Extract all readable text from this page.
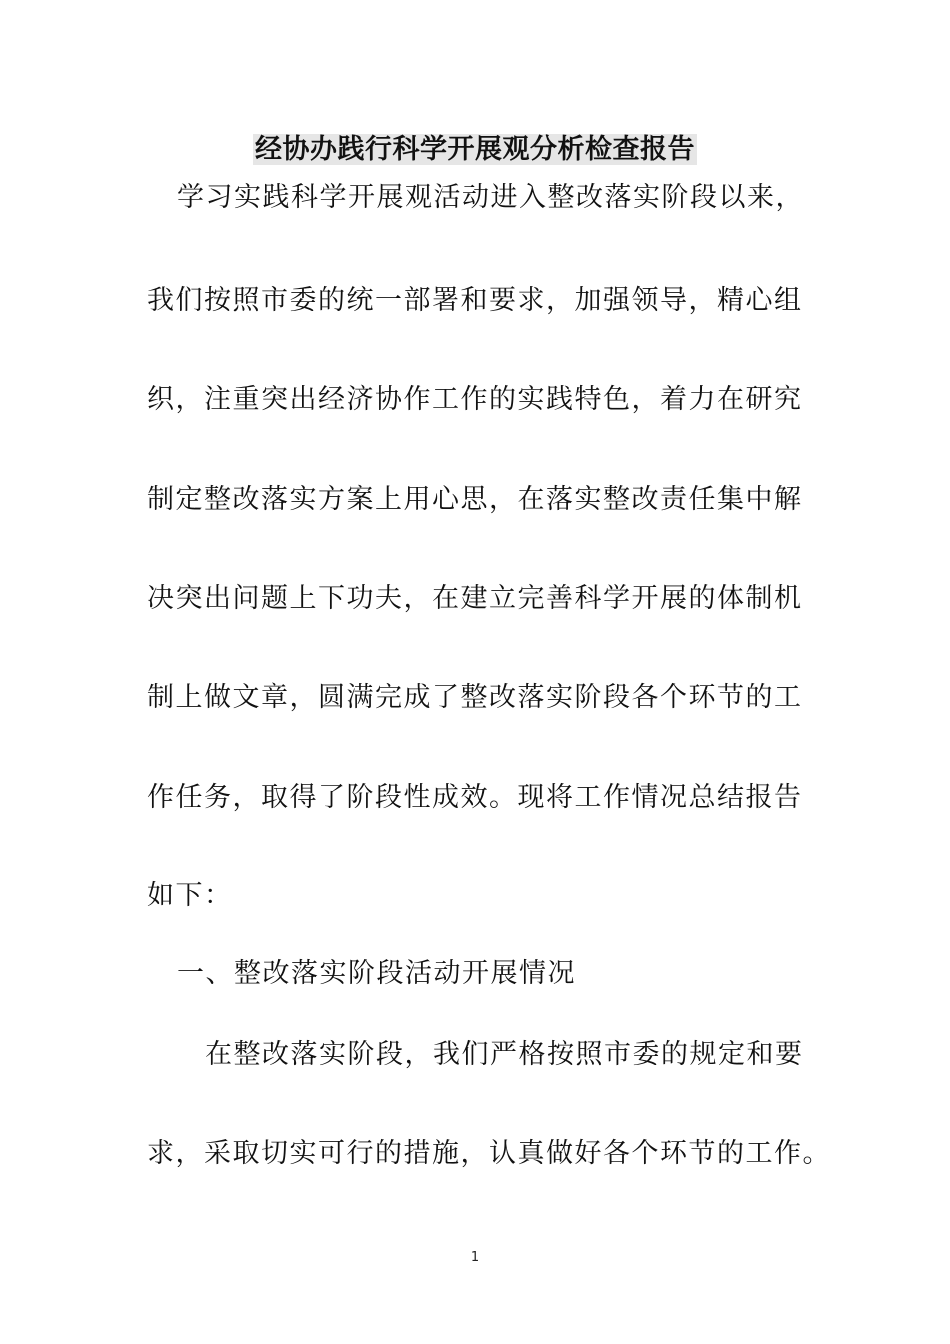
经协办践行科学开展观分析检查报告
学习实践科学开展观活动进入整改落实阶段以来，
我们按照市委的统一部署和要求，加强领导，精心组
织，注重突出经济协作工作的实践特色，着力在研究
制定整改落实方案上用心思，在落实整改责任集中解
决突出问题上下功夫，在建立完善科学开展的体制机
制上做文章，圆满完成了整改落实阶段各个环节的工
作任务，取得了阶段性成效。现将工作情况总结报告
如下：
一、整改落实阶段活动开展情况
在整改落实阶段，我们严格按照市委的规定和要
求，采取切实可行的措施，认真做好各个环节的工作。
1
